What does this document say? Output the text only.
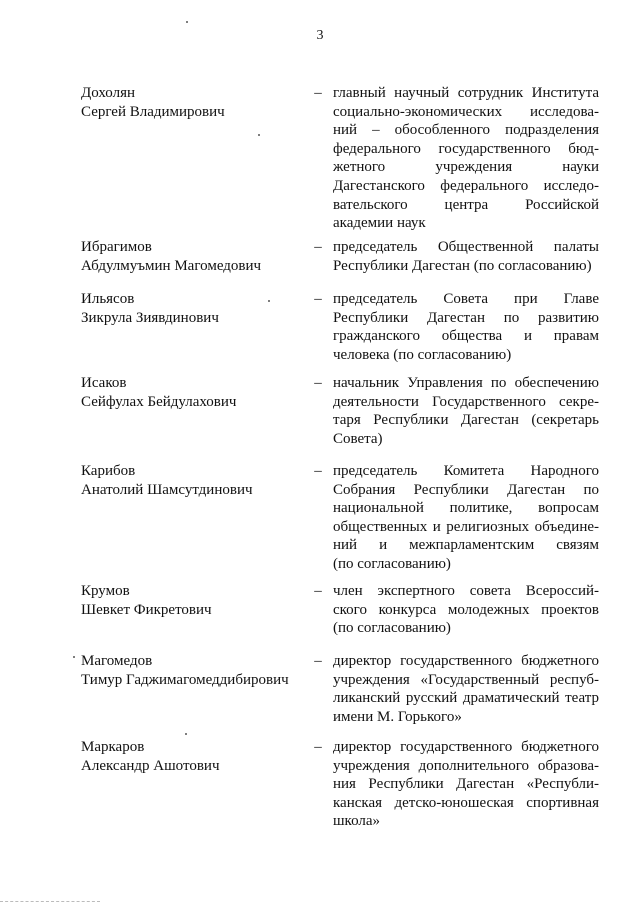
3
Дохолян
Сергей Владимирович
– главный научный сотрудник Института
социально-экономических исследова-
ний – обособленного подразделения
федерального государственного бюд-
жетного учреждения науки
Дагестанского федерального исследо-
вательского центра Российской
академии наук
Ибрагимов
Абдулмуъмин Магомедович
– председатель Общественной палаты
Республики Дагестан (по согласованию)
Ильясов
Зикрула Зиявдинович
– председатель Совета при Главе
Республики Дагестан по развитию
гражданского общества и правам
человека (по согласованию)
Исаков
Сейфулах Бейдулахович
– начальник Управления по обеспечению
деятельности Государственного секре-
таря Республики Дагестан (секретарь
Совета)
Карибов
Анатолий Шамсутдинович
– председатель Комитета Народного
Собрания Республики Дагестан по
национальной политике, вопросам
общественных и религиозных объедине-
ний и межпарламентским связям
(по согласованию)
Крумов
Шевкет Фикретович
– член экспертного совета Всероссий-
ского конкурса молодежных проектов
(по согласованию)
Магомедов
Тимур Гаджимагомеддибирович
– директор государственного бюджетного
учреждения «Государственный респуб-
ликанский русский драматический театр
имени М. Горького»
Маркаров
Александр Ашотович
– директор государственного бюджетного
учреждения дополнительного образова-
ния Республики Дагестан «Республи-
канская детско-юношеская спортивная
школа»
